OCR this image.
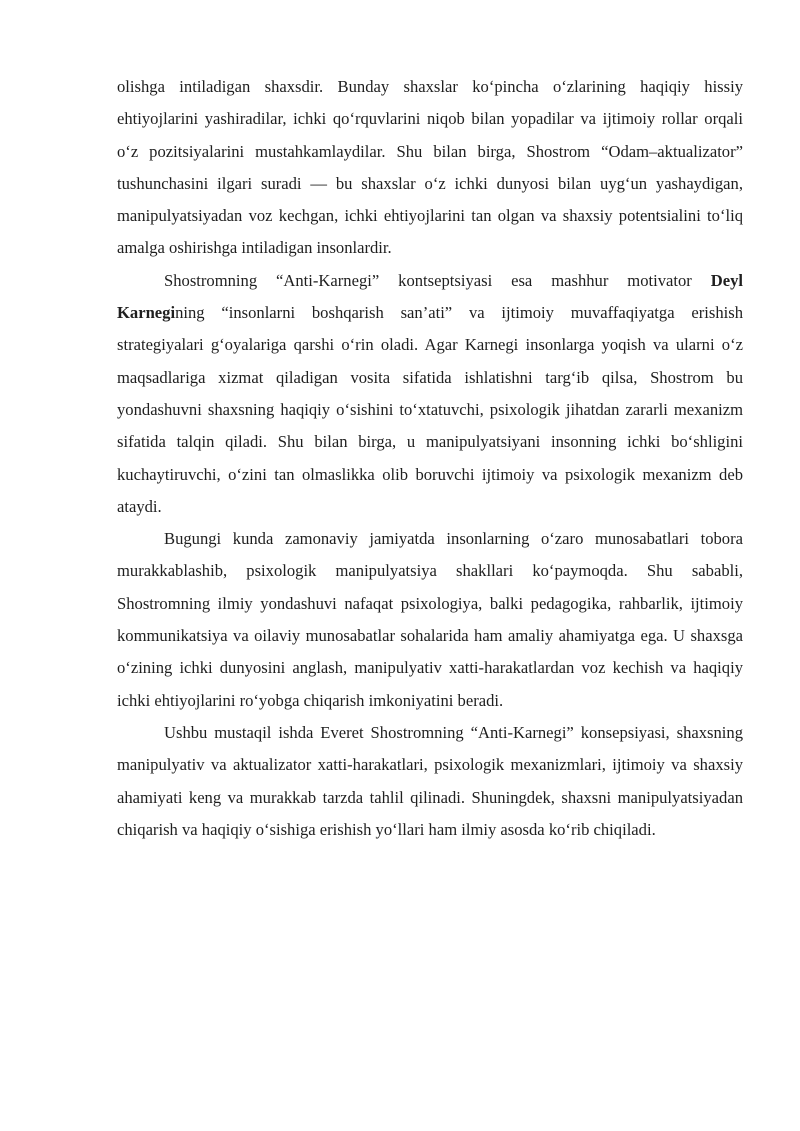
olishga intiladigan shaxsdir. Bunday shaxslar ko‘pincha o‘zlarining haqiqiy hissiy ehtiyojlarini yashiradilar, ichki qo‘rquvlarini niqob bilan yopadilar va ijtimoiy rollar orqali o‘z pozitsiyalarini mustahkamlaydilar. Shu bilan birga, Shostrom “Odam–aktualizator” tushunchasini ilgari suradi — bu shaxslar o‘z ichki dunyosi bilan uyg‘un yashaydigan, manipulyatsiyadan voz kechgan, ichki ehtiyojlarini tan olgan va shaxsiy potentsialini to‘liq amalga oshirishga intiladigan insonlardir.

Shostromning “Anti-Karnegi” kontseptsiyasi esa mashhur motivator Deyl Karnegining “insonlarni boshqarish san’ati” va ijtimoiy muvaffaqiyatga erishish strategiyalari g‘oyalariga qarshi o‘rin oladi. Agar Karnegi insonlarga yoqish va ularni o‘z maqsadlariga xizmat qiladigan vosita sifatida ishlatishni targ‘ib qilsa, Shostrom bu yondashuvni shaxsning haqiqiy o‘sishini to‘xtatuvchi, psixologik jihatdan zararli mexanizm sifatida talqin qiladi. Shu bilan birga, u manipulyatsiyani insonning ichki bo‘shligini kuchaytiruvchi, o‘zini tan olmaslikka olib boruvchi ijtimoiy va psixologik mexanizm deb ataydi.

Bugungi kunda zamonaviy jamiyatda insonlarning o‘zaro munosabatlari tobora murakkablashib, psixologik manipulyatsiya shakllari ko‘paymoqda. Shu sababli, Shostromning ilmiy yondashuvi nafaqat psixologiya, balki pedagogika, rahbarlik, ijtimoiy kommunikatsiya va oilaviy munosabatlar sohalarida ham amaliy ahamiyatga ega. U shaxsga o‘zining ichki dunyosini anglash, manipulyativ xatti-harakatlardan voz kechish va haqiqiy ichki ehtiyojlarini ro‘yobga chiqarish imkoniyatini beradi.

Ushbu mustaqil ishda Everet Shostromning “Anti-Karnegi” konsepsiyasi, shaxsning manipulyativ va aktualizator xatti-harakatlari, psixologik mexanizmlari, ijtimoiy va shaxsiy ahamiyati keng va murakkab tarzda tahlil qilinadi. Shuningdek, shaxsni manipulyatsiyadan chiqarish va haqiqiy o‘sishiga erishish yo‘llari ham ilmiy asosda ko‘rib chiqiladi.
